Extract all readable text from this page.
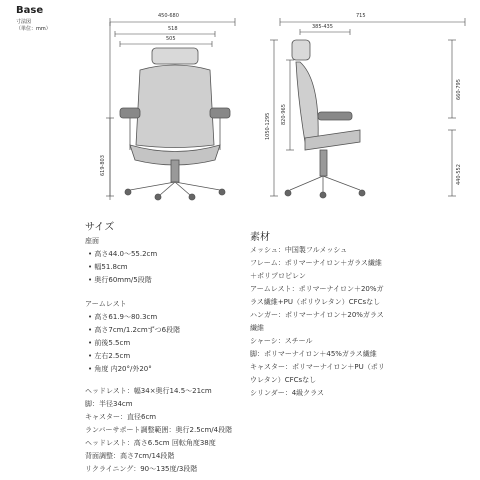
Base
寸法図
（単位：mm）
450-680
518
505
619-803
715
385-435
1050-1295 820-965
660-795
440-552
サイズ
座面
• 高さ44.0〜55.2cm
• 幅51.8cm
• 奥行60mm/5段階
アームレスト
• 高さ61.9〜80.3cm
• 高さ7cm/1.2cmずつ6段階
• 前後5.5cm
• 左右2.5cm
• 角度 内20°/外20°
ヘッドレスト：幅34×奥行14.5〜21cm
脚：半径34cm
キャスター：直径6cm
ランバーサポート調整範囲：奥行2.5cm/4段階
ヘッドレスト：高さ6.5cm 回転角度38度
背面調整：高さ7cm/14段階
リクライニング：90〜135度/3段階
素材
メッシュ：中国製フルメッシュ
フレーム：ポリマーナイロン＋ガラス繊維
＋ポリプロピレン
アームレスト：ポリマーナイロン＋20%ガ
ラス繊維+PU（ポリウレタン）CFCsなし
ハンガー：ポリマーナイロン＋20%ガラス
繊維
シャーシ：スチール
脚：ポリマーナイロン＋45%ガラス繊維
キャスター：ポリマーナイロン＋PU（ポリ
ウレタン）CFCsなし
シリンダー：4級クラス
